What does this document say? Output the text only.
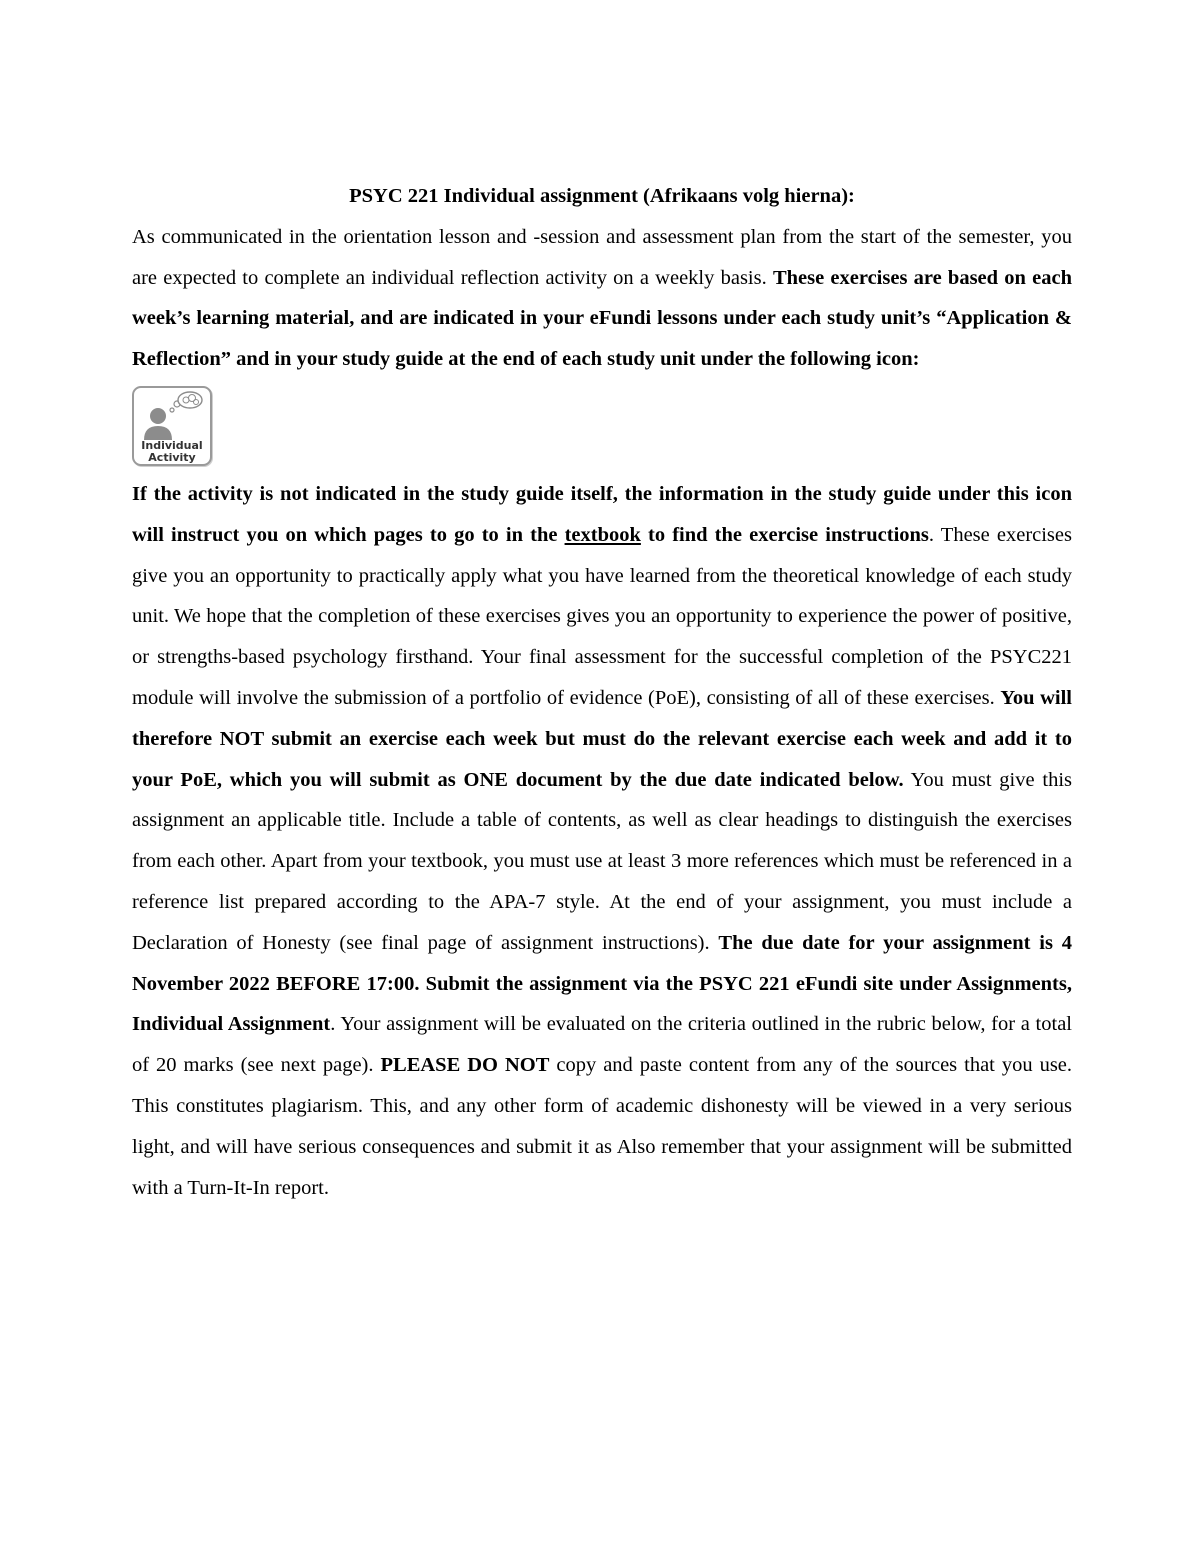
PSYC 221 Individual assignment (Afrikaans volg hierna):

As communicated in the orientation lesson and -session and assessment plan from the start of the semester, you are expected to complete an individual reflection activity on a weekly basis. These exercises are based on each week’s learning material, and are indicated in your eFundi lessons under each study unit’s “Application & Reflection” and in your study guide at the end of each study unit under the following icon:

Individual
Activity

If the activity is not indicated in the study guide itself, the information in the study guide under this icon will instruct you on which pages to go to in the textbook to find the exercise instructions. These exercises give you an opportunity to practically apply what you have learned from the theoretical knowledge of each study unit. We hope that the completion of these exercises gives you an opportunity to experience the power of positive, or strengths-based psychology firsthand. Your final assessment for the successful completion of the PSYC221 module will involve the submission of a portfolio of evidence (PoE), consisting of all of these exercises. You will therefore NOT submit an exercise each week but must do the relevant exercise each week and add it to your PoE, which you will submit as ONE document by the due date indicated below. You must give this assignment an applicable title. Include a table of contents, as well as clear headings to distinguish the exercises from each other. Apart from your textbook, you must use at least 3 more references which must be referenced in a reference list prepared according to the APA-7 style. At the end of your assignment, you must include a Declaration of Honesty (see final page of assignment instructions). The due date for your assignment is 4 November 2022 BEFORE 17:00. Submit the assignment via the PSYC 221 eFundi site under Assignments, Individual Assignment. Your assignment will be evaluated on the criteria outlined in the rubric below, for a total of 20 marks (see next page). PLEASE DO NOT copy and paste content from any of the sources that you use. This constitutes plagiarism. This, and any other form of academic dishonesty will be viewed in a very serious light, and will have serious consequences and submit it as Also remember that your assignment will be submitted with a Turn-It-In report.
